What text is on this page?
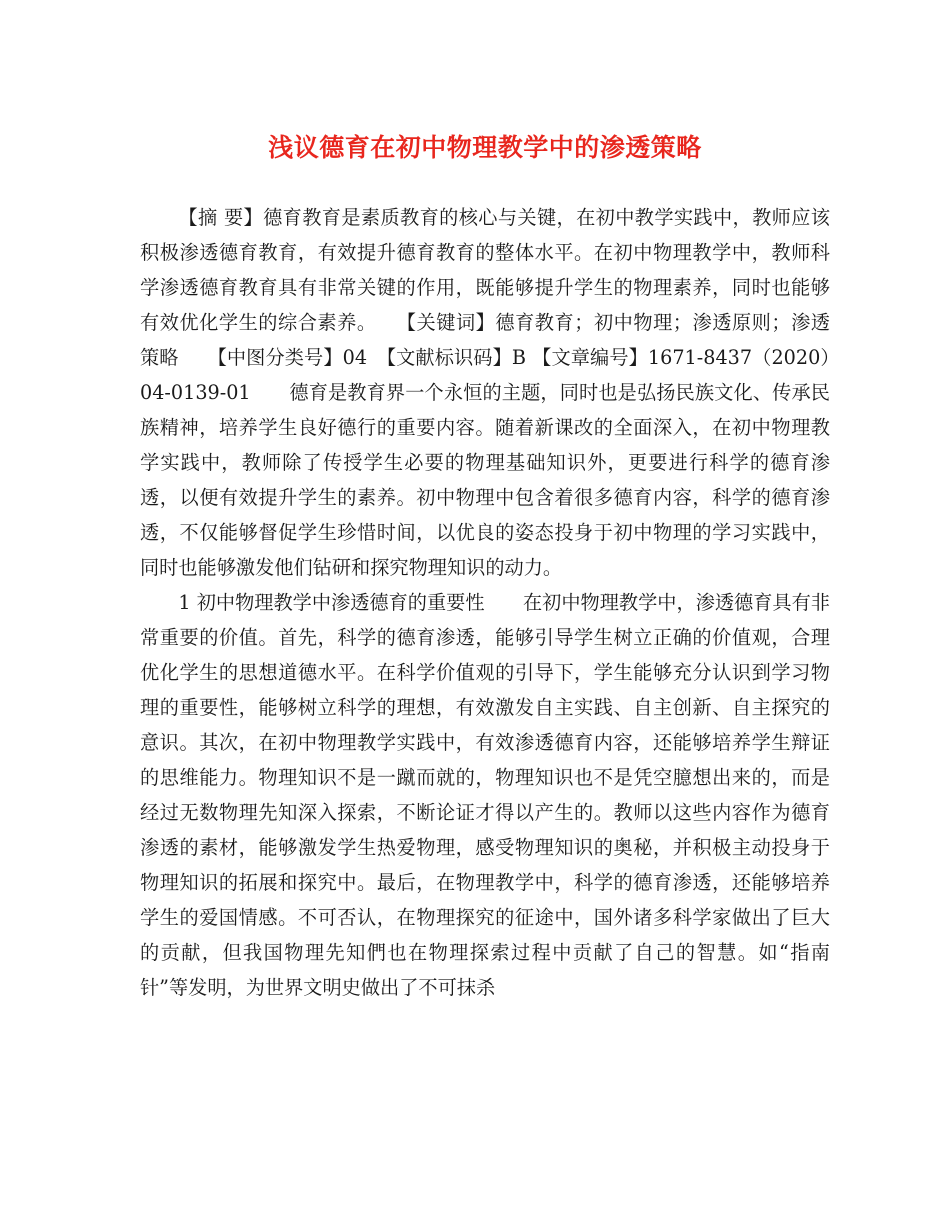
浅议德育在初中物理教学中的渗透策略

【摘 要】德育教育是素质教育的核心与关键，在初中教学实践中，教师应该积极渗透德育教育，有效提升德育教育的整体水平。在初中物理教学中，教师科学渗透德育教育具有非常关键的作用，既能够提升学生的物理素养，同时也能够有效优化学生的综合素养。　　【关键词】德育教育；初中物理；渗透原则；渗透策略　　【中图分类号】04　【文献标识码】B 【文章编号】1671-8437（2020）04-0139-01　　德育是教育界一个永恒的主题，同时也是弘扬民族文化、传承民族精神，培养学生良好德行的重要内容。随着新课改的全面深入，在初中物理教学实践中，教师除了传授学生必要的物理基础知识外，更要进行科学的德育渗透，以便有效提升学生的素养。初中物理中包含着很多德育内容，科学的德育渗透，不仅能够督促学生珍惜时间，以优良的姿态投身于初中物理的学习实践中，同时也能够激发他们钻研和探究物理知识的动力。

1 初中物理教学中渗透德育的重要性　　在初中物理教学中，渗透德育具有非常重要的价值。首先，科学的德育渗透，能够引导学生树立正确的价值观，合理优化学生的思想道德水平。在科学价值观的引导下，学生能够充分认识到学习物理的重要性，能够树立科学的理想，有效激发自主实践、自主创新、自主探究的意识。其次，在初中物理教学实践中，有效渗透德育内容，还能够培养学生辩证的思维能力。物理知识不是一蹴而就的，物理知识也不是凭空臆想出来的，而是经过无数物理先知深入探索，不断论证才得以产生的。教师以这些内容作为德育渗透的素材，能够激发学生热爱物理，感受物理知识的奥秘，并积极主动投身于物理知识的拓展和探究中。最后，在物理教学中，科学的德育渗透，还能够培养学生的爱国情感。不可否认，在物理探究的征途中，国外诸多科学家做出了巨大的贡献，但我国物理先知們也在物理探索过程中贡献了自己的智慧。如“指南针”等发明，为世界文明史做出了不可抹杀
